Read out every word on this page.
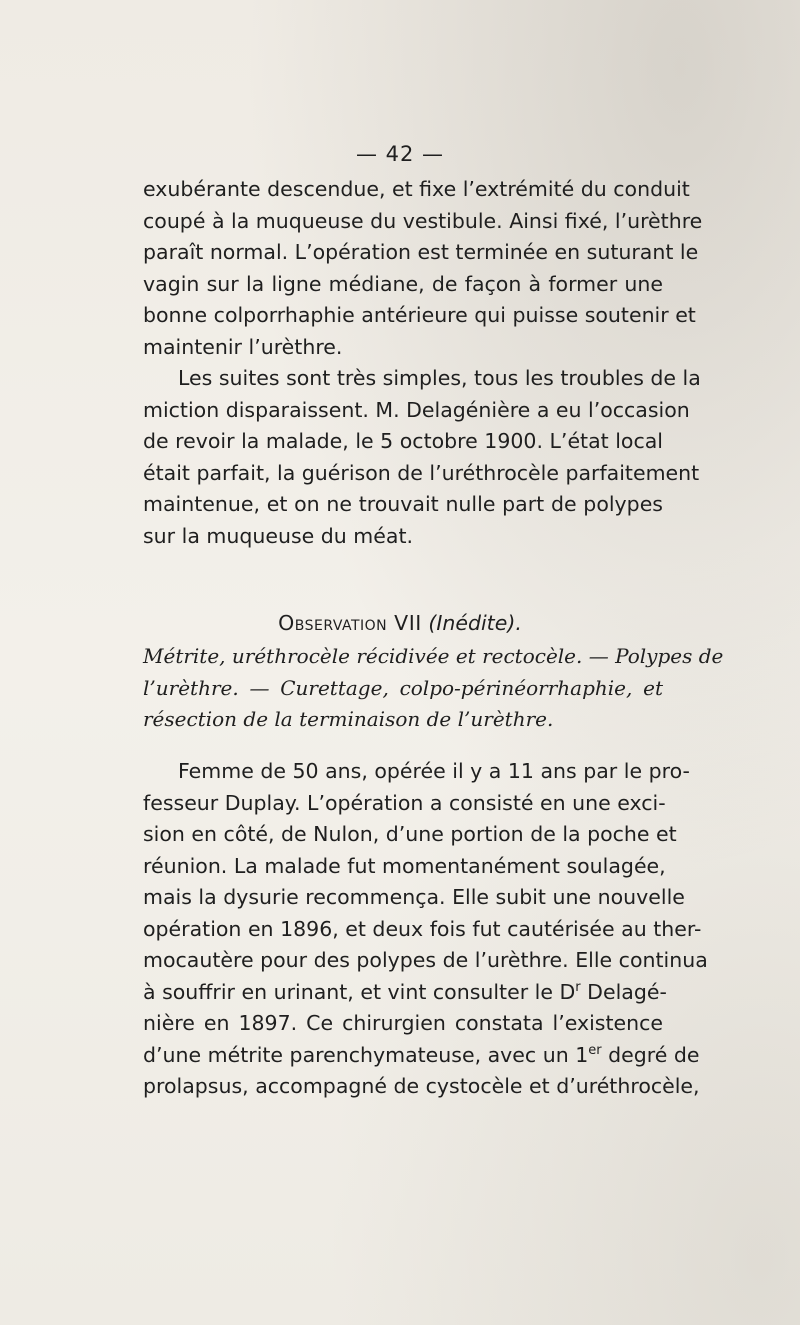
— 42 —
exubérante descendue, et fixe l’extrémité du conduit
coupé à la muqueuse du vestibule. Ainsi fixé, l’urèthre
paraît normal. L’opération est terminée en suturant le
vagin sur la ligne médiane, de façon à former une
bonne colporrhaphie antérieure qui puisse soutenir et
maintenir l’urèthre.
Les suites sont très simples, tous les troubles de la
miction disparaissent. M. Delagénière a eu l’occasion
de revoir la malade, le 5 octobre 1900. L’état local
était parfait, la guérison de l’uréthrocèle parfaitement
maintenue, et on ne trouvait nulle part de polypes
sur la muqueuse du méat.
Observation VII (Inédite).
Métrite, uréthrocèle récidivée et rectocèle. — Polypes de
l’urèthre. — Curettage, colpo-périnéorrhaphie, et
résection de la terminaison de l’urèthre.
Femme de 50 ans, opérée il y a 11 ans par le pro-
fesseur Duplay. L’opération a consisté en une exci-
sion en côté, de Nulon, d’une portion de la poche et
réunion. La malade fut momentanément soulagée,
mais la dysurie recommença. Elle subit une nouvelle
opération en 1896, et deux fois fut cautérisée au ther-
mocautère pour des polypes de l’urèthre. Elle continua
à souffrir en urinant, et vint consulter le $D^r$ Delagé-
nière en 1897. Ce chirurgien constata l’existence
d’une métrite parenchymateuse, avec un 1er degré de
prolapsus, accompagné de cystocèle et d’uréthrocèle,
